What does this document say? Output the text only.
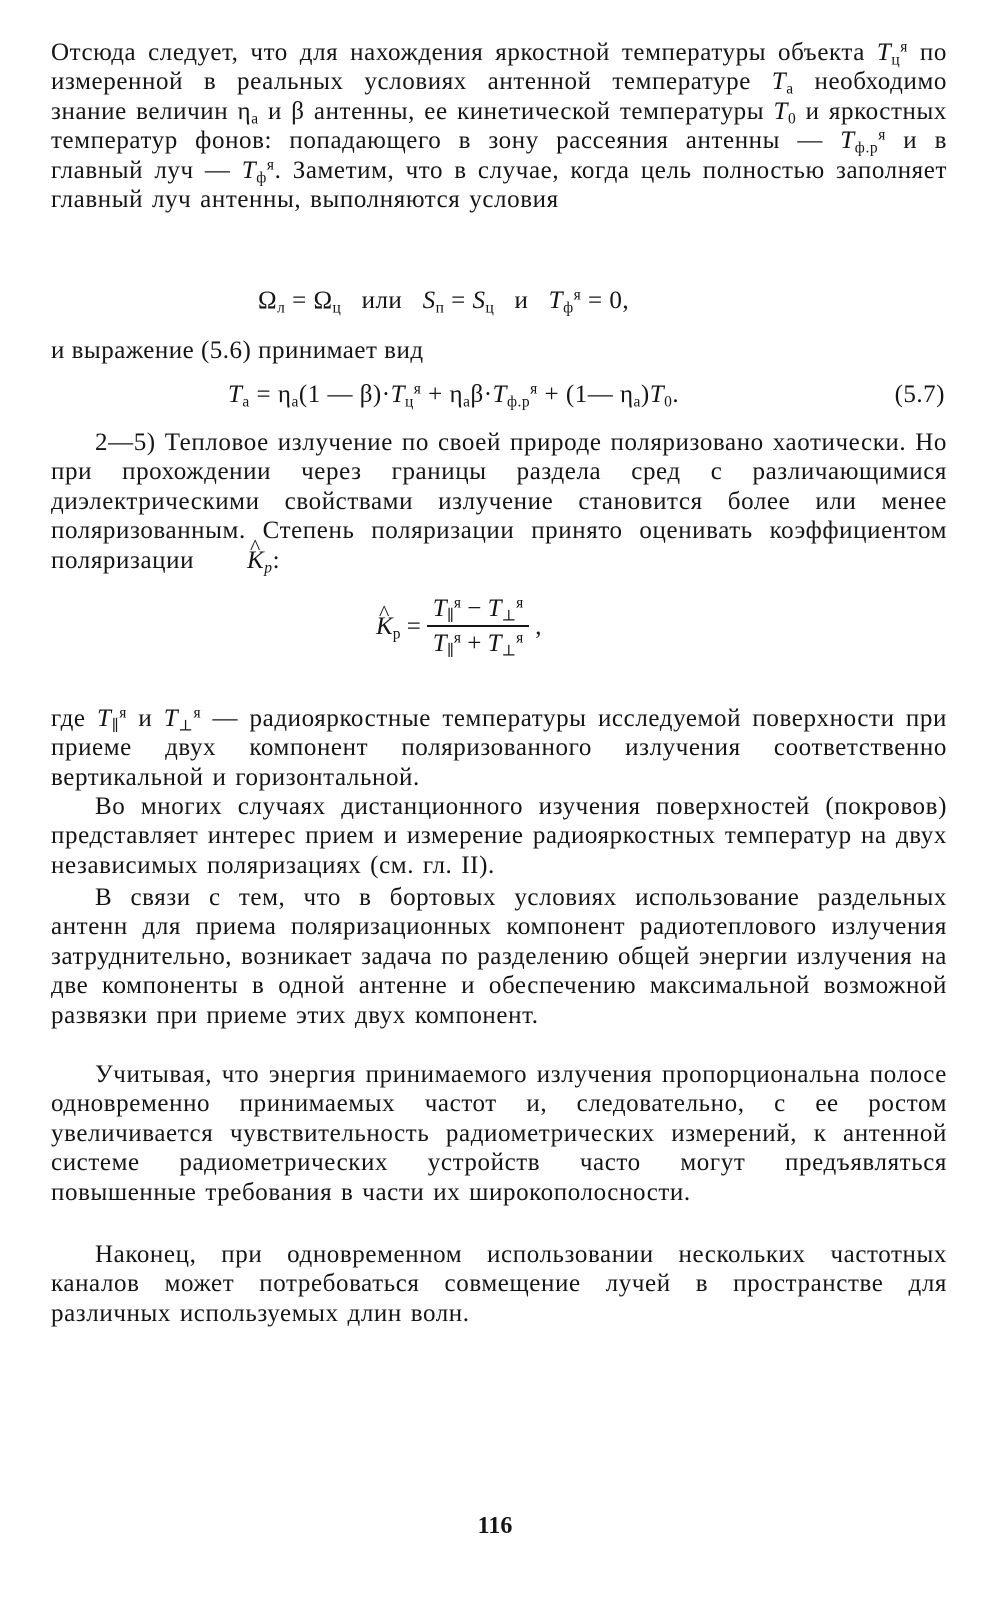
Отсюда следует, что для нахождения яркостной температуры объекта $T_ц^я$ по измеренной в реальных условиях антенной температуре $T_а$ необходимо знание величин $\eta_а$ и β антенны, ее кинетической температуры $T_0$ и яркостных температур фонов: попадающего в зону рассеяния антенны — $T_{ф.р}^я$ и в главный луч — $T_ф^я$. Заметим, что в случае, когда цель полностью заполняет главный луч антенны, выполняются условия

$\Omega_л = \Omega_ц$   или   $S_п = S_ц$   и   $T_ф^я = 0$,
и выражение (5.6) принимает вид
$T_а = \eta_а(1$ — $\beta)\cdot T_ц^я + \eta_а\beta\cdot T_{ф.р}^я$ + (1— $\eta_а)T_0$.	(5.7)

2—5) Тепловое излучение по своей природе поляризовано хаотически. Но при прохождении через границы раздела сред с различающимися диэлектрическими свойствами излучение становится более или менее поляризованным. Степень поляризации принято оценивать коэффициентом поляризации ^ $K_p$:

^ $K_р = \frac{T_\parallel^я - T_\perp^я}{T_\parallel^я + T_\perp^я}$ ,

где $T_\parallel^я$ и $T_\perp^я$ — радиояркостные температуры исследуемой поверхности при приеме двух компонент поляризованного излучения соответственно вертикальной и горизонтальной.

Во многих случаях дистанционного изучения поверхностей (покровов) представляет интерес прием и измерение радиояркостных температур на двух независимых поляризациях (см. гл. II).

В связи с тем, что в бортовых условиях использование раздельных антенн для приема поляризационных компонент радиотеплового излучения затруднительно, возникает задача по разделению общей энергии излучения на две компоненты в одной антенне и обеспечению максимальной возможной развязки при приеме этих двух компонент.

Учитывая, что энергия принимаемого излучения пропорциональна полосе одновременно принимаемых частот и, следовательно, с ее ростом увеличивается чувствительность радиометрических измерений, к антенной системе радиометрических устройств часто могут предъявляться повышенные требования в части их широкополосности.

Наконец, при одновременном использовании нескольких частотных каналов может потребоваться совмещение лучей в пространстве для различных используемых длин волн.

116
